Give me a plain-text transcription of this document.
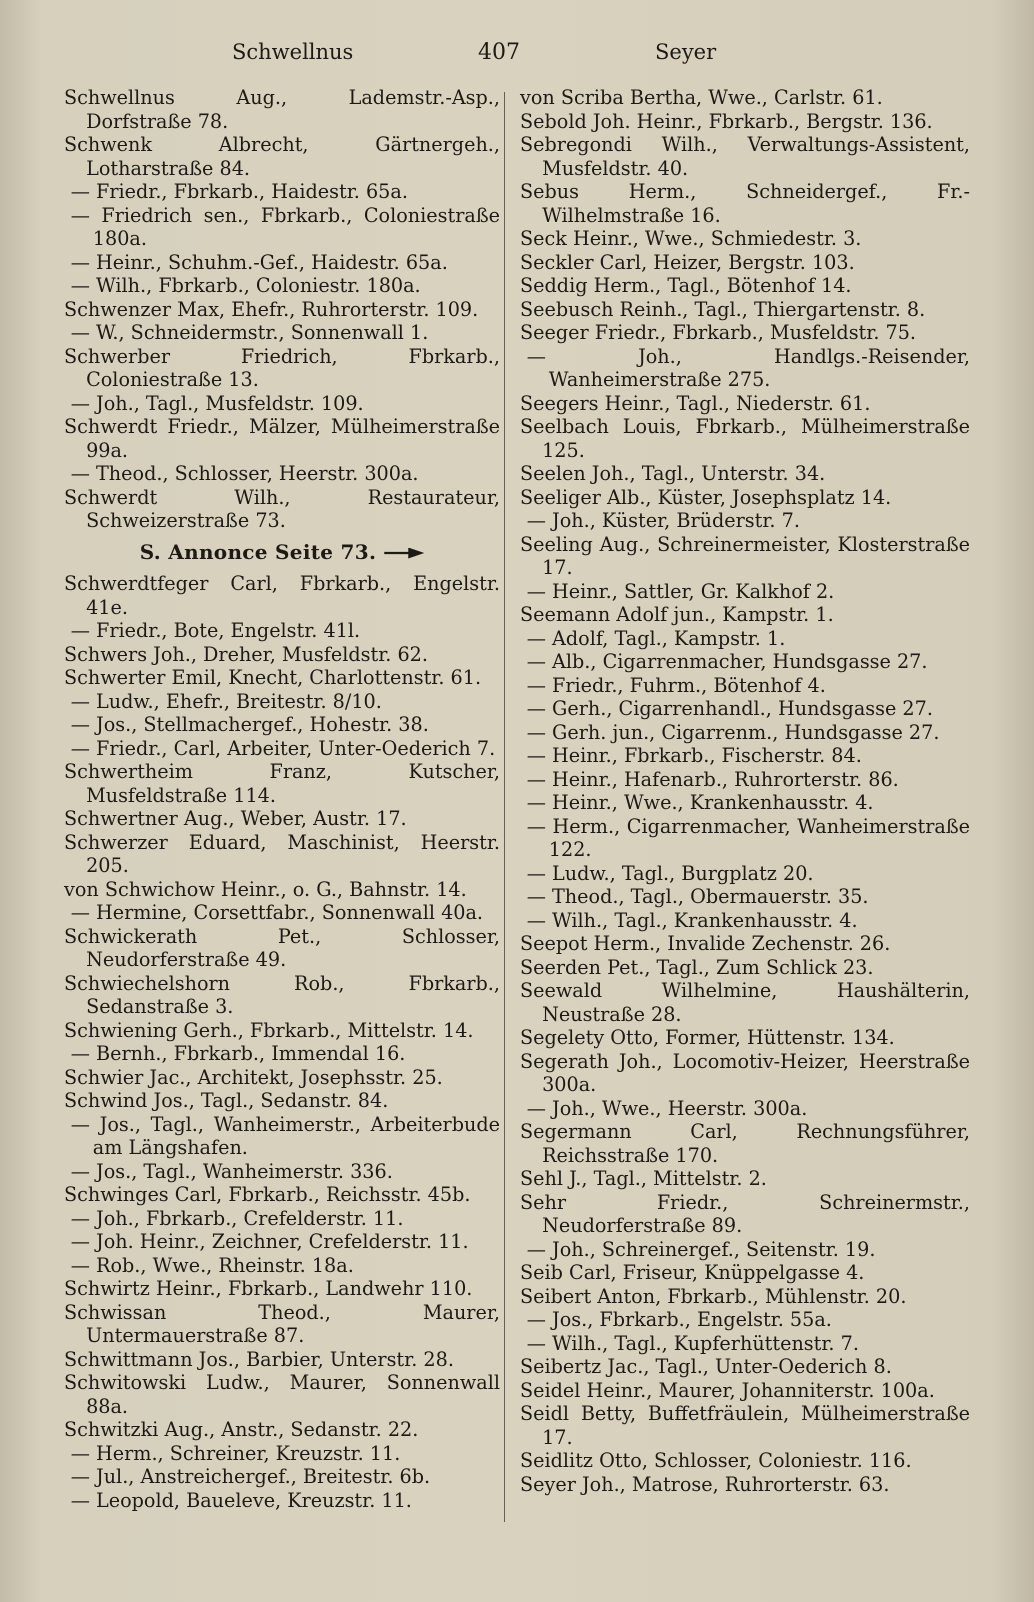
Schwellnus	407	Seyer
Schwellnus Aug., Lademstr.-Asp., Dorfstraße 78.
Schwenk Albrecht, Gärtnergeh., Lotharstraße 84.
— Friedr., Fbrkarb., Haidestr. 65a.
— Friedrich sen., Fbrkarb., Coloniestraße 180a.
— Heinr., Schuhm.-Gef., Haidestr. 65a.
— Wilh., Fbrkarb., Coloniestr. 180a.
Schwenzer Max, Ehefr., Ruhrorterstr. 109.
— W., Schneidermstr., Sonnenwall 1.
Schwerber Friedrich, Fbrkarb., Coloniestraße 13.
— Joh., Tagl., Musfeldstr. 109.
Schwerdt Friedr., Mälzer, Mülheimerstraße 99a.
— Theod., Schlosser, Heerstr. 300a.
Schwerdt Wilh., Restaurateur, Schweizerstraße 73.
S. Annonce Seite 73.
Schwerdtfeger Carl, Fbrkarb., Engelstr. 41e.
— Friedr., Bote, Engelstr. 41l.
Schwers Joh., Dreher, Musfeldstr. 62.
Schwerter Emil, Knecht, Charlottenstr. 61.
— Ludw., Ehefr., Breitestr. 8/10.
— Jos., Stellmachergef., Hohestr. 38.
— Friedr., Carl, Arbeiter, Unter-Oederich 7.
Schwertheim Franz, Kutscher, Musfeldstraße 114.
Schwertner Aug., Weber, Austr. 17.
Schwerzer Eduard, Maschinist, Heerstr. 205.
von Schwichow Heinr., o. G., Bahnstr. 14.
— Hermine, Corsettfabr., Sonnenwall 40a.
Schwickerath Pet., Schlosser, Neudorferstraße 49.
Schwiechelshorn Rob., Fbrkarb., Sedanstraße 3.
Schwiening Gerh., Fbrkarb., Mittelstr. 14.
— Bernh., Fbrkarb., Immendal 16.
Schwier Jac., Architekt, Josephsstr. 25.
Schwind Jos., Tagl., Sedanstr. 84.
— Jos., Tagl., Wanheimerstr., Arbeiterbude am Längshafen.
— Jos., Tagl., Wanheimerstr. 336.
Schwinges Carl, Fbrkarb., Reichsstr. 45b.
— Joh., Fbrkarb., Crefelderstr. 11.
— Joh. Heinr., Zeichner, Crefelderstr. 11.
— Rob., Wwe., Rheinstr. 18a.
Schwirtz Heinr., Fbrkarb., Landwehr 110.
Schwissan Theod., Maurer, Untermauerstraße 87.
Schwittmann Jos., Barbier, Unterstr. 28.
Schwitowski Ludw., Maurer, Sonnenwall 88a.
Schwitzki Aug., Anstr., Sedanstr. 22.
— Herm., Schreiner, Kreuzstr. 11.
— Jul., Anstreichergef., Breitestr. 6b.
— Leopold, Baueleve, Kreuzstr. 11.
von Scriba Bertha, Wwe., Carlstr. 61.
Sebold Joh. Heinr., Fbrkarb., Bergstr. 136.
Sebregondi Wilh., Verwaltungs-Assistent, Musfeldstr. 40.
Sebus Herm., Schneidergef., Fr.-Wilhelmstraße 16.
Seck Heinr., Wwe., Schmiedestr. 3.
Seckler Carl, Heizer, Bergstr. 103.
Seddig Herm., Tagl., Bötenhof 14.
Seebusch Reinh., Tagl., Thiergartenstr. 8.
Seeger Friedr., Fbrkarb., Musfeldstr. 75.
— Joh., Handlgs.-Reisender, Wanheimerstraße 275.
Seegers Heinr., Tagl., Niederstr. 61.
Seelbach Louis, Fbrkarb., Mülheimerstraße 125.
Seelen Joh., Tagl., Unterstr. 34.
Seeliger Alb., Küster, Josephsplatz 14.
— Joh., Küster, Brüderstr. 7.
Seeling Aug., Schreinermeister, Klosterstraße 17.
— Heinr., Sattler, Gr. Kalkhof 2.
Seemann Adolf jun., Kampstr. 1.
— Adolf, Tagl., Kampstr. 1.
— Alb., Cigarrenmacher, Hundsgasse 27.
— Friedr., Fuhrm., Bötenhof 4.
— Gerh., Cigarrenhandl., Hundsgasse 27.
— Gerh. jun., Cigarrenm., Hundsgasse 27.
— Heinr., Fbrkarb., Fischerstr. 84.
— Heinr., Hafenarb., Ruhrorterstr. 86.
— Heinr., Wwe., Krankenhausstr. 4.
— Herm., Cigarrenmacher, Wanheimerstraße 122.
— Ludw., Tagl., Burgplatz 20.
— Theod., Tagl., Obermauerstr. 35.
— Wilh., Tagl., Krankenhausstr. 4.
Seepot Herm., Invalide Zechenstr. 26.
Seerden Pet., Tagl., Zum Schlick 23.
Seewald Wilhelmine, Haushälterin, Neustraße 28.
Segelety Otto, Former, Hüttenstr. 134.
Segerath Joh., Locomotiv-Heizer, Heerstraße 300a.
— Joh., Wwe., Heerstr. 300a.
Segermann Carl, Rechnungsführer, Reichsstraße 170.
Sehl J., Tagl., Mittelstr. 2.
Sehr Friedr., Schreinermstr., Neudorferstraße 89.
— Joh., Schreinergef., Seitenstr. 19.
Seib Carl, Friseur, Knüppelgasse 4.
Seibert Anton, Fbrkarb., Mühlenstr. 20.
— Jos., Fbrkarb., Engelstr. 55a.
— Wilh., Tagl., Kupferhüttenstr. 7.
Seibertz Jac., Tagl., Unter-Oederich 8.
Seidel Heinr., Maurer, Johanniterstr. 100a.
Seidl Betty, Buffetfräulein, Mülheimerstraße 17.
Seidlitz Otto, Schlosser, Coloniestr. 116.
Seyer Joh., Matrose, Ruhrorterstr. 63.
